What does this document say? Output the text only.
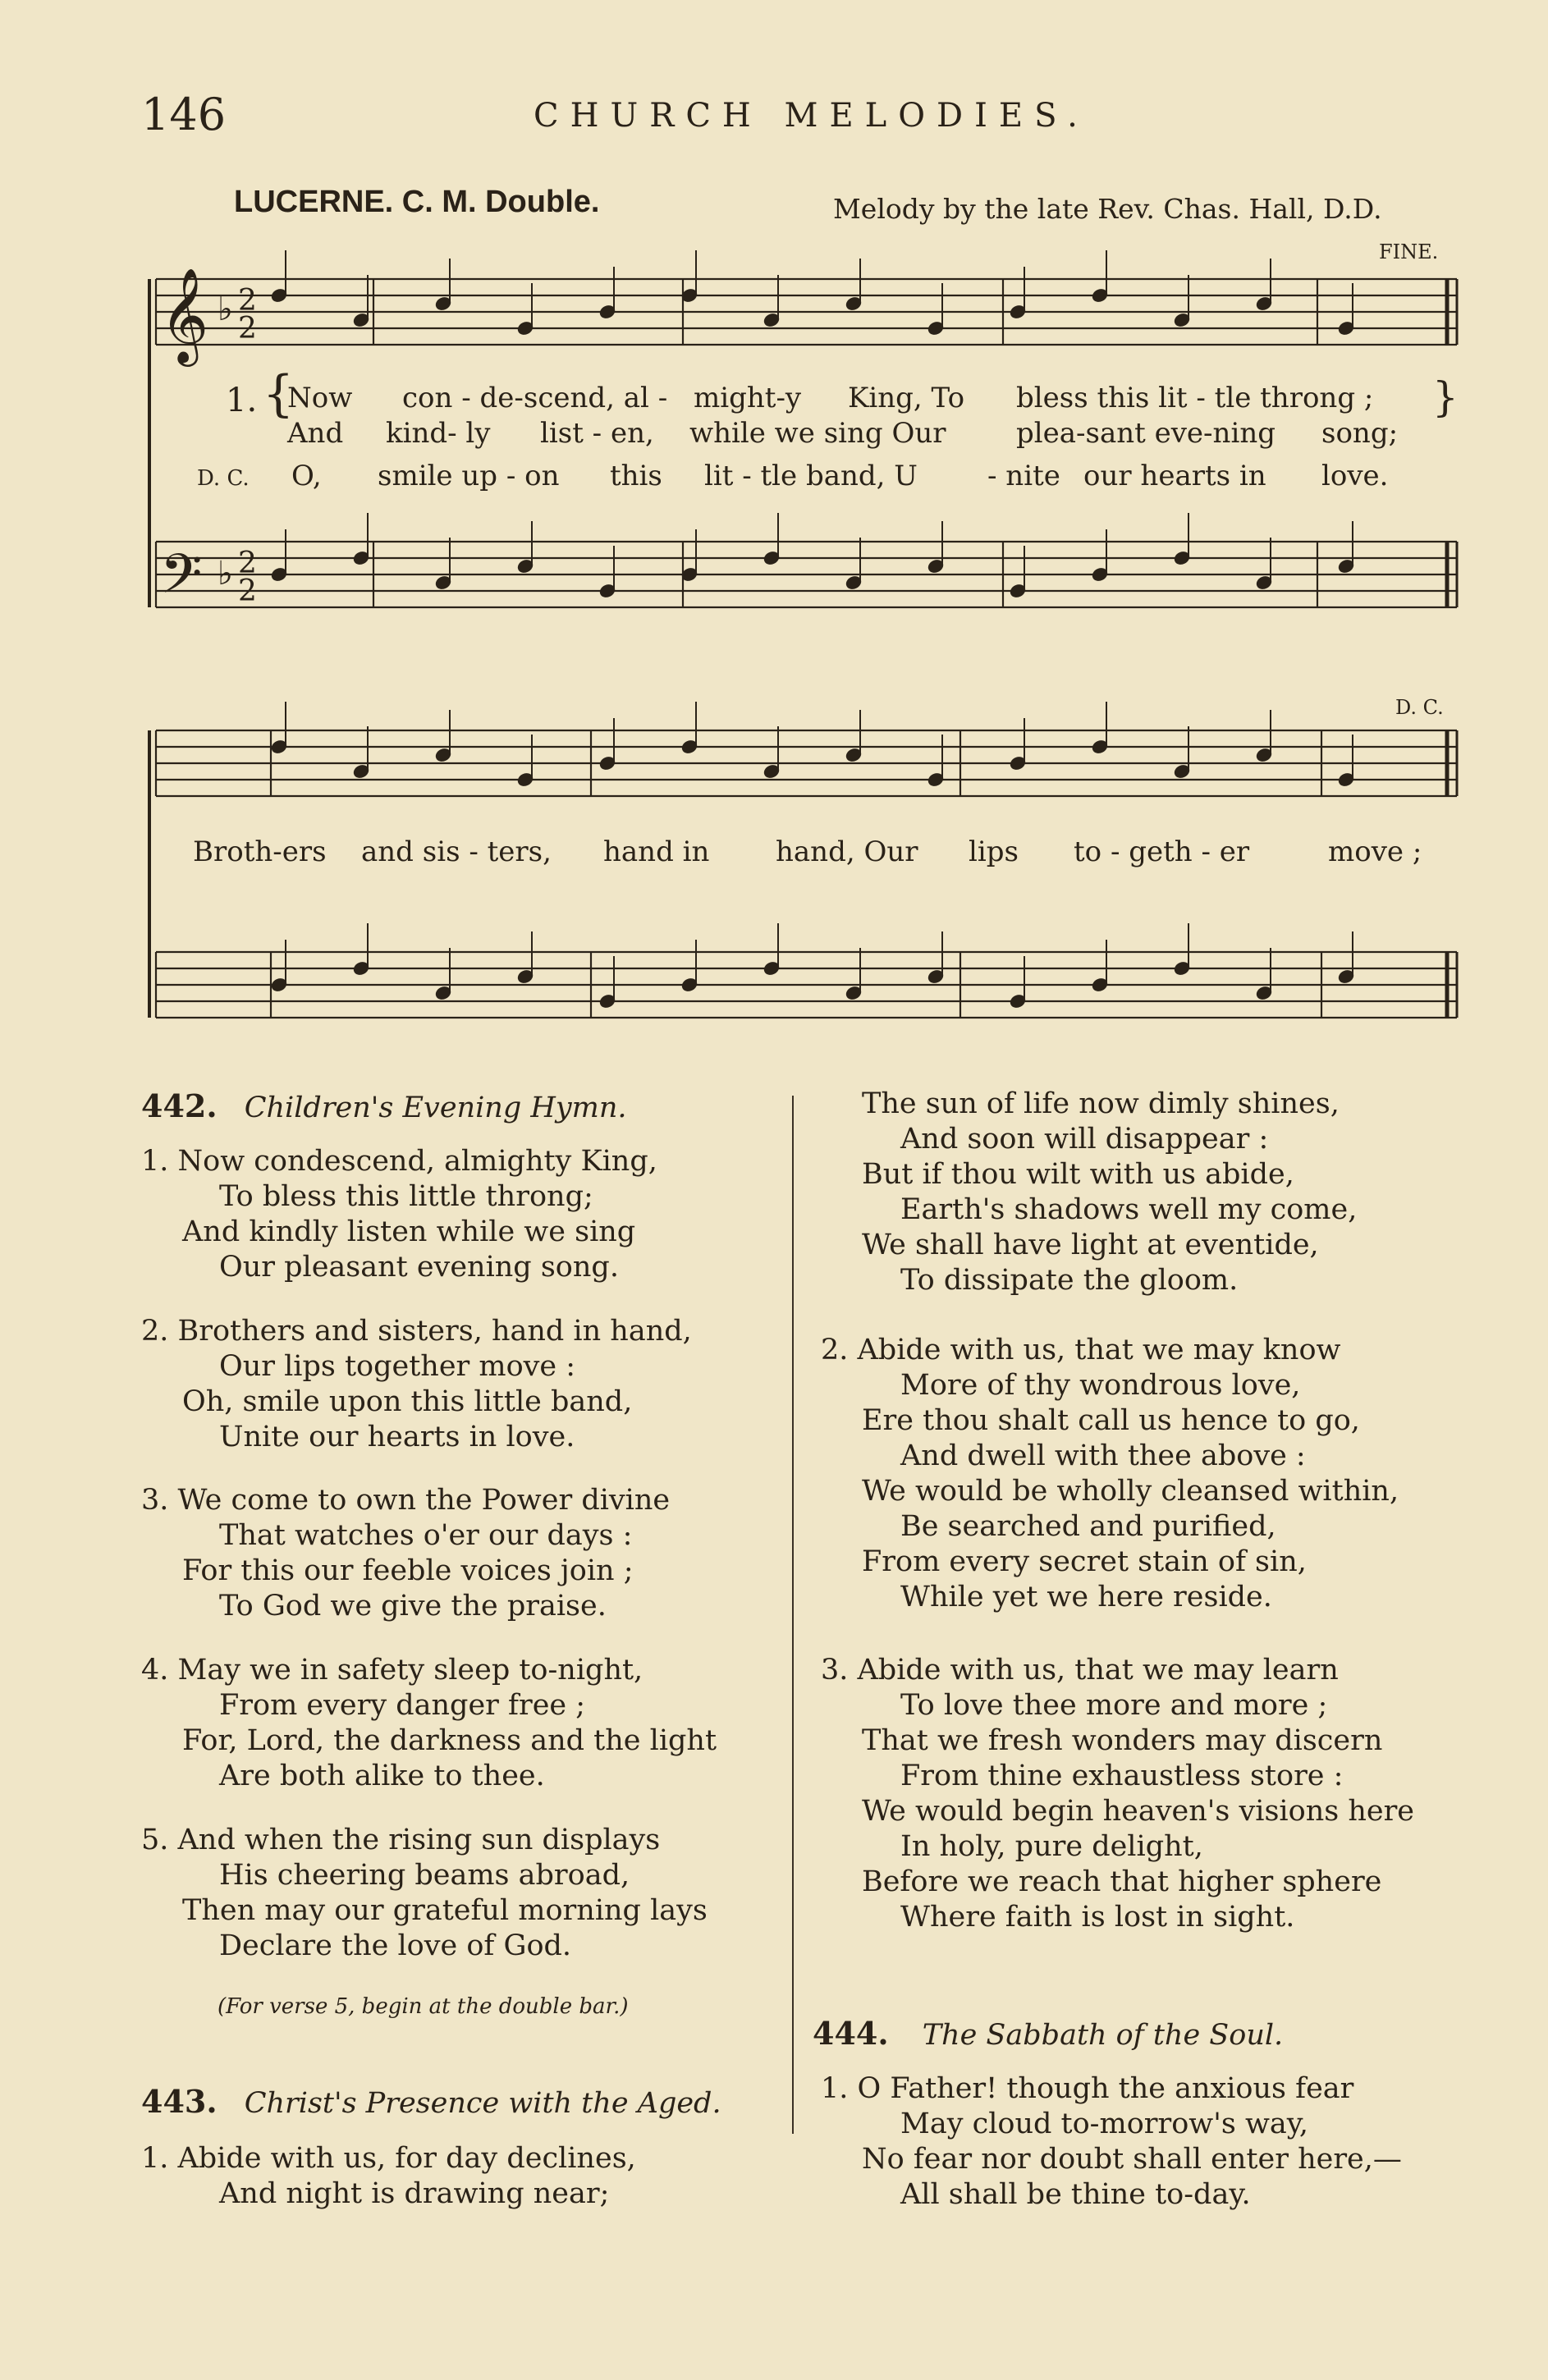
146	CHURCH MELODIES.
LUCERNE. C. M. Double.	Melody by the late Rev. Chas. Hall, D.D.
FINE.
D. C.
𝄞
𝄢
♭ 2
2
♭ 2
2
1. {
Now con - de-scend, al - might-y King, To bless this lit - tle throng ; }
And kind- ly list - en, while we sing Our	plea-sant eve-ning song;
D. C. O, smile up - on this lit - tle band, U	- nite our hearts in love.
Broth-ers and sis - ters, hand in hand, Our lips to - geth - er	move ;
442. Children's Evening Hymn.
1. Now condescend, almighty King,
To bless this little throng;
And kindly listen while we sing
Our pleasant evening song.
2. Brothers and sisters, hand in hand,
Our lips together move :
Oh, smile upon this little band,
Unite our hearts in love.
3. We come to own the Power divine
That watches o'er our days :
For this our feeble voices join ;
To God we give the praise.
4. May we in safety sleep to-night,
From every danger free ;
For, Lord, the darkness and the light
Are both alike to thee.
5. And when the rising sun displays
His cheering beams abroad,
Then may our grateful morning lays
Declare the love of God.
(For verse 5, begin at the double bar.)
443. Christ's Presence with the Aged.
1. Abide with us, for day declines,
And night is drawing near;
The sun of life now dimly shines,
And soon will disappear :
But if thou wilt with us abide,
Earth's shadows well my come,
We shall have light at eventide,
To dissipate the gloom.
2. Abide with us, that we may know
More of thy wondrous love,
Ere thou shalt call us hence to go,
And dwell with thee above :
We would be wholly cleansed within,
Be searched and purified,
From every secret stain of sin,
While yet we here reside.
3. Abide with us, that we may learn
To love thee more and more ;
That we fresh wonders may discern
From thine exhaustless store :
We would begin heaven's visions here
In holy, pure delight,
Before we reach that higher sphere
Where faith is lost in sight.
444. The Sabbath of the Soul.
1. O Father! though the anxious fear
May cloud to-morrow's way,
No fear nor doubt shall enter here,—
All shall be thine to-day.
